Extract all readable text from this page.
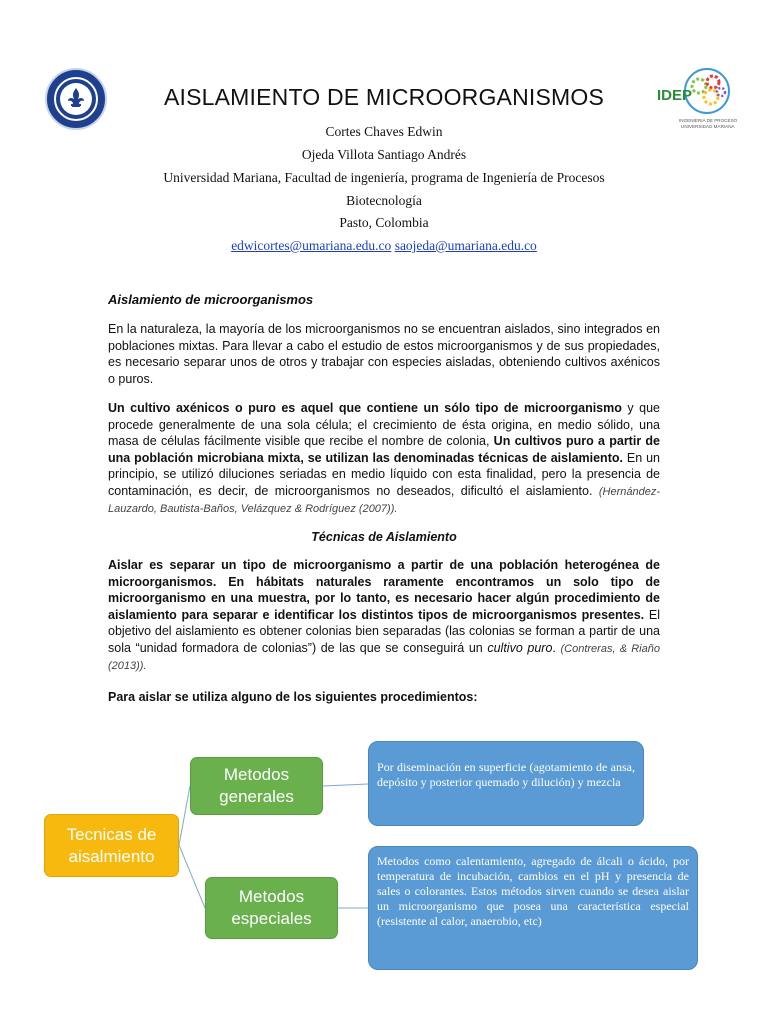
IDEP
INGENIERIA DE PROCESOS
UNIVERSIDAD MARIANA
AISLAMIENTO DE MICROORGANISMOS
Cortes Chaves Edwin
Ojeda Villota Santiago Andrés
Universidad Mariana, Facultad de ingeniería, programa de Ingeniería de Procesos
Biotecnología
Pasto, Colombia
edwicortes@umariana.edu.co saojeda@umariana.edu.co
Aislamiento de microorganismos
En la naturaleza, la mayoría de los microorganismos no se encuentran aislados, sino integrados en poblaciones mixtas. Para llevar a cabo el estudio de estos microorganismos y de sus propiedades, es necesario separar unos de otros y trabajar con especies aisladas, obteniendo cultivos axénicos o puros.
Un cultivo axénicos o puro es aquel que contiene un sólo tipo de microorganismo y que procede generalmente de una sola célula; el crecimiento de ésta origina, en medio sólido, una masa de células fácilmente visible que recibe el nombre de colonia, Un cultivos puro a partir de una población microbiana mixta, se utilizan las denominadas técnicas de aislamiento. En un principio, se utilizó diluciones seriadas en medio líquido con esta finalidad, pero la presencia de contaminación, es decir, de microorganismos no deseados, dificultó el aislamiento. (Hernández-Lauzardo, Bautista-Baños, Velázquez & Rodríguez (2007)).
Técnicas de Aislamiento
Aislar es separar un tipo de microorganismo a partir de una población heterogénea de microorganismos. En hábitats naturales raramente encontramos un solo tipo de microorganismo en una muestra, por lo tanto, es necesario hacer algún procedimiento de aislamiento para separar e identificar los distintos tipos de microorganismos presentes. El objetivo del aislamiento es obtener colonias bien separadas (las colonias se forman a partir de una sola “unidad formadora de colonias”) de las que se conseguirá un cultivo puro. (Contreras, & Riaño (2013)).
Para aislar se utiliza alguno de los siguientes procedimientos:
Tecnicas de aisalmiento
Metodos generales
Metodos especiales
Por diseminación en superficie (agotamiento de ansa, depósito y posterior quemado y dilución) y mezcla
Metodos como calentamiento, agregado de álcali o ácido, por temperatura de incubación, cambios en el pH y presencia de sales o colorantes. Estos métodos sirven cuando se desea aislar un microorganismo que posea una característica especial (resistente al calor, anaerobio, etc)
